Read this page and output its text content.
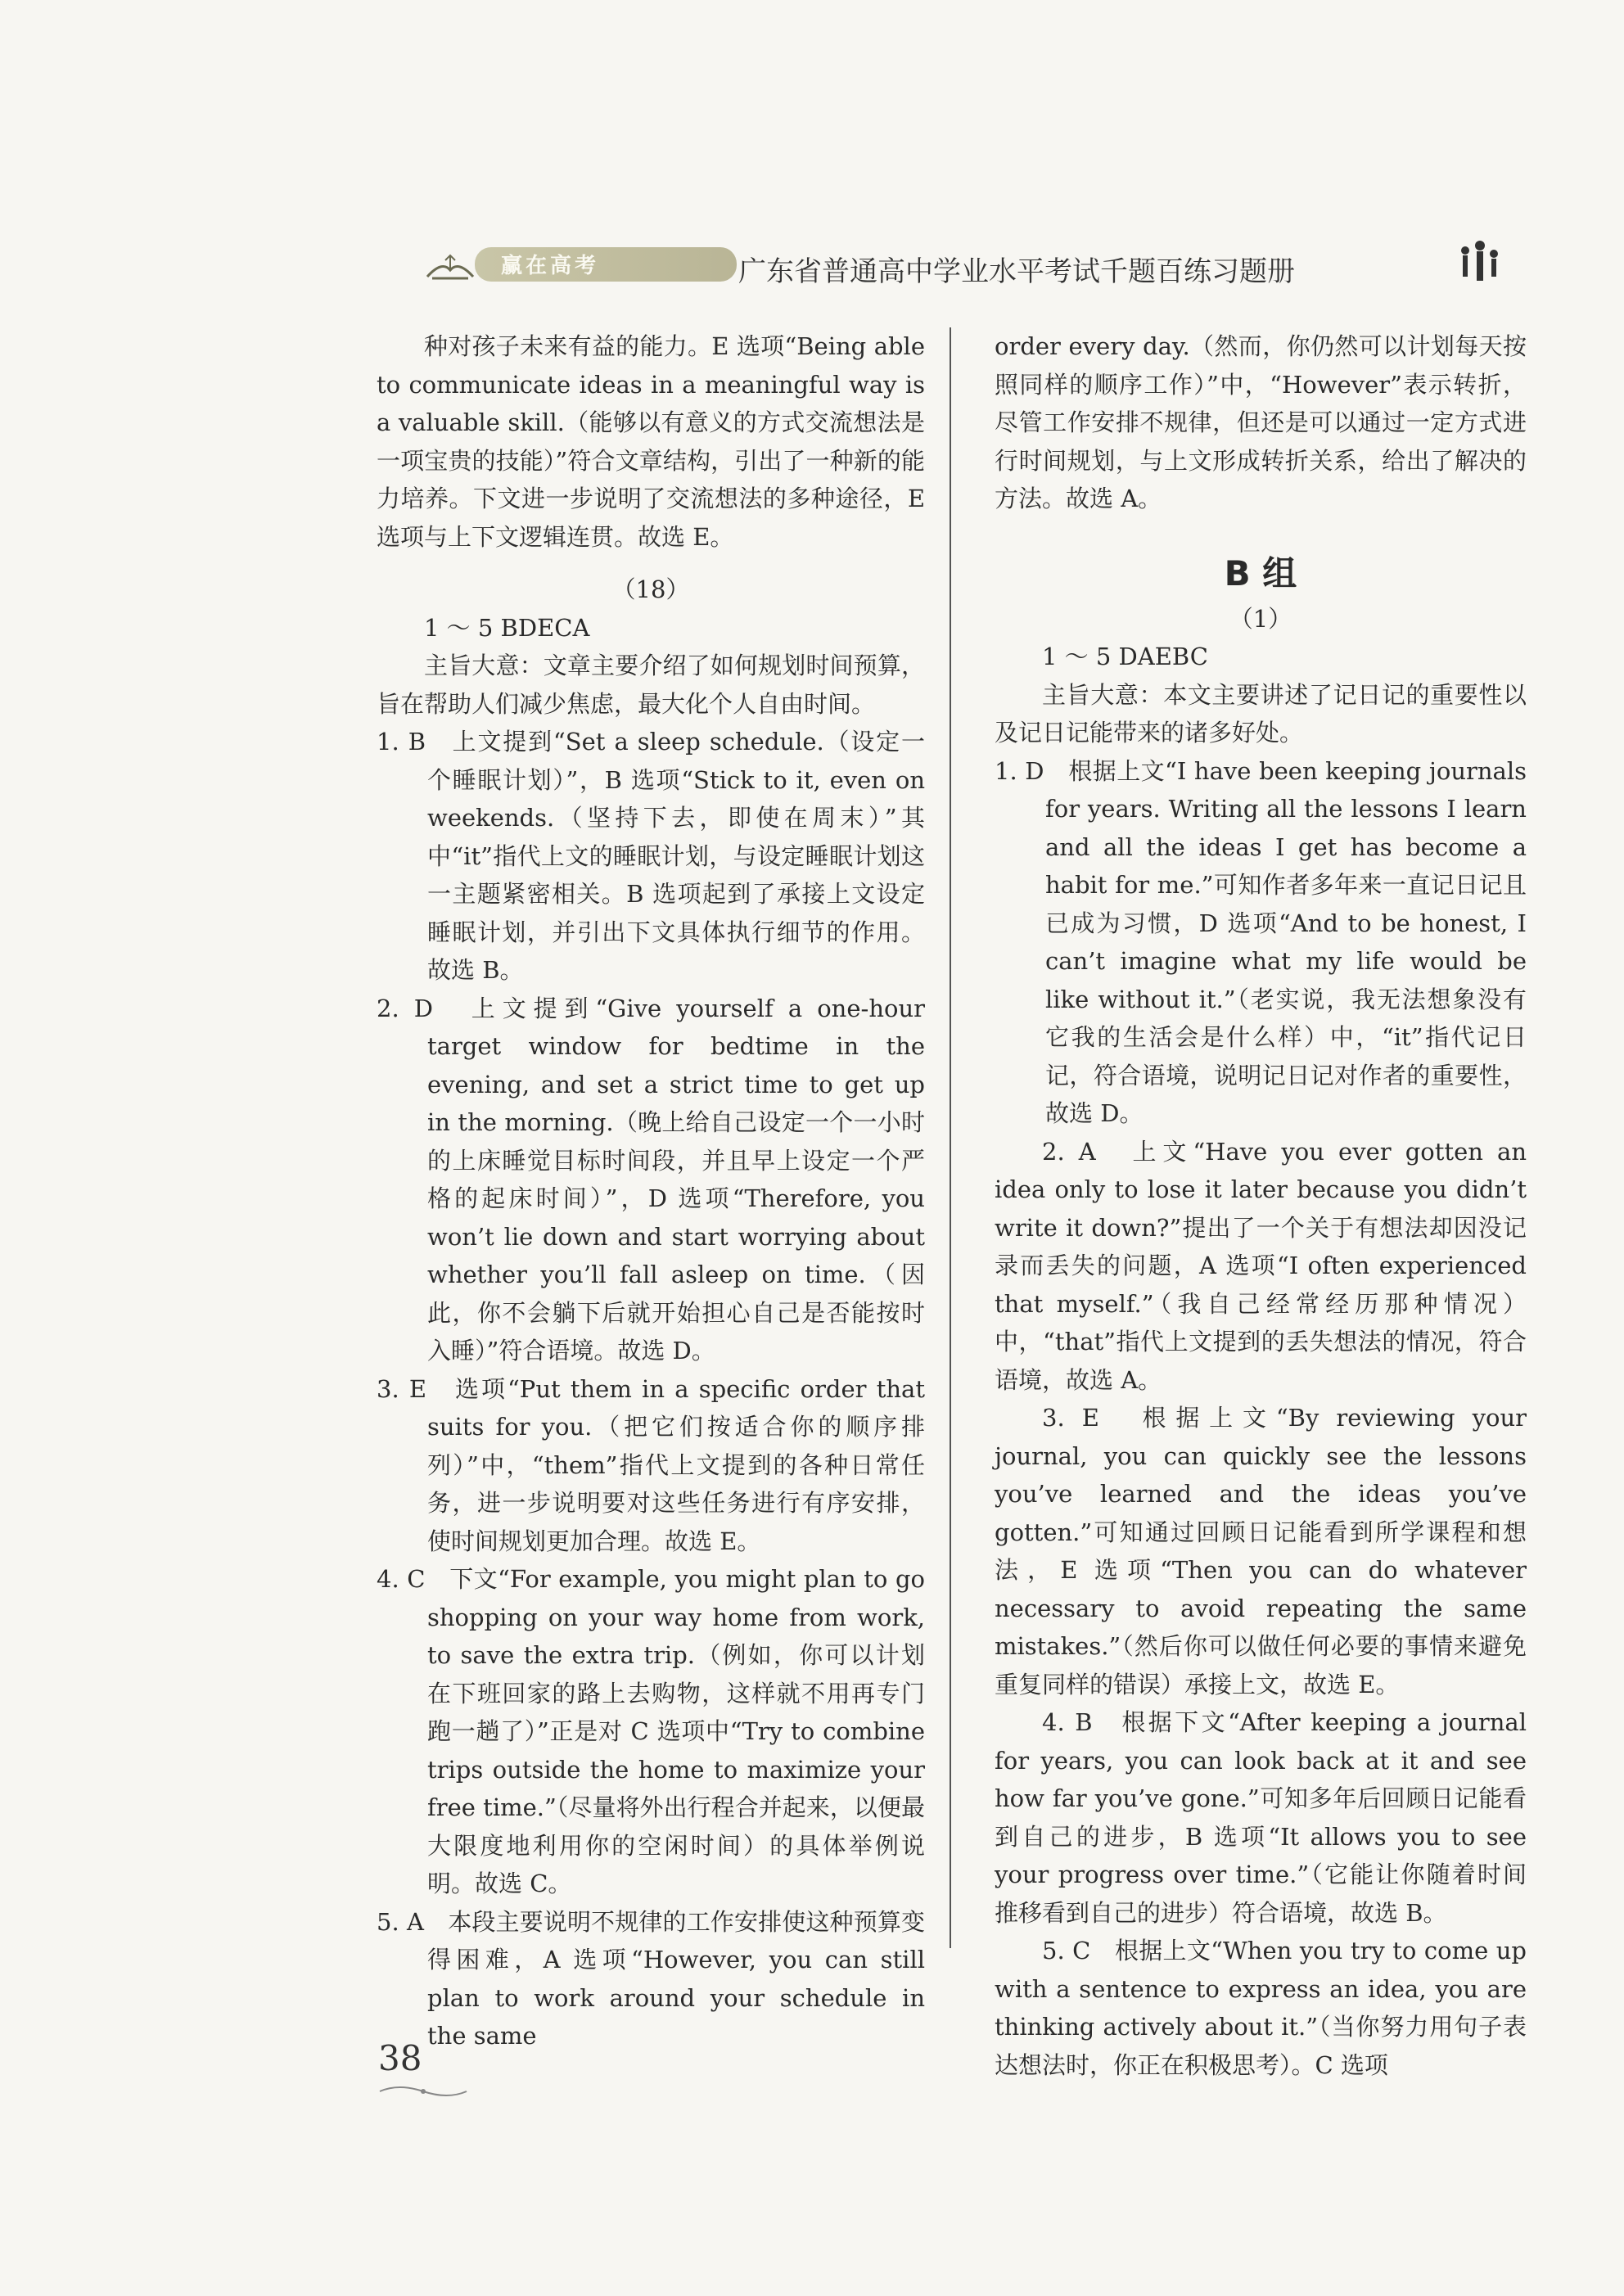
赢在高考	广东省普通高中学业水平考试千题百练习题册

种对孩子未来有益的能力。E 选项“Being able to communicate ideas in a meaningful way is a valuable skill.（能够以有意义的方式交流想法是一项宝贵的技能）”符合文章结构，引出了一种新的能力培养。下文进一步说明了交流想法的多种途径，E 选项与上下文逻辑连贯。故选 E。

（18）

1 ～ 5 BDECA

主旨大意：文章主要介绍了如何规划时间预算，旨在帮助人们减少焦虑，最大化个人自由时间。

1. B　上文提到“Set a sleep schedule.（设定一个睡眠计划）”，B 选项“Stick to it, even on weekends.（坚持下去，即使在周末）”其中“it”指代上文的睡眠计划，与设定睡眠计划这一主题紧密相关。B 选项起到了承接上文设定睡眠计划，并引出下文具体执行细节的作用。故选 B。

2. D　上文提到“Give yourself a one-hour target window for bedtime in the evening, and set a strict time to get up in the morning.（晚上给自己设定一个一小时的上床睡觉目标时间段，并且早上设定一个严格的起床时间）”，D 选项“Therefore, you won’t lie down and start worrying about whether you’ll fall asleep on time.（因此，你不会躺下后就开始担心自己是否能按时入睡）”符合语境。故选 D。

3. E　选项“Put them in a specific order that suits for you.（把它们按适合你的顺序排列）”中，“them”指代上文提到的各种日常任务，进一步说明要对这些任务进行有序安排，使时间规划更加合理。故选 E。

4. C　下文“For example, you might plan to go shopping on your way home from work, to save the extra trip.（例如，你可以计划在下班回家的路上去购物，这样就不用再专门跑一趟了）”正是对 C 选项中“Try to combine trips outside the home to maximize your free time.”（尽量将外出行程合并起来，以便最大限度地利用你的空闲时间）的具体举例说明。故选 C。

5. A　本段主要说明不规律的工作安排使这种预算变得困难，A 选项“However, you can still plan to work around your schedule in the same

order every day.（然而，你仍然可以计划每天按照同样的顺序工作）”中，“However”表示转折，尽管工作安排不规律，但还是可以通过一定方式进行时间规划，与上文形成转折关系，给出了解决的方法。故选 A。

B 组

（1）

1 ～ 5 DAEBC

主旨大意：本文主要讲述了记日记的重要性以及记日记能带来的诸多好处。

1. D　根据上文“I have been keeping journals for years. Writing all the lessons I learn and all the ideas I get has become a habit for me.”可知作者多年来一直记日记且已成为习惯，D 选项“And to be honest, I can’t imagine what my life would be like without it.”（老实说，我无法想象没有它我的生活会是什么样）中，“it”指代记日记，符合语境，说明记日记对作者的重要性，故选 D。

2. A　上文“Have you ever gotten an idea only to lose it later because you didn’t write it down?”提出了一个关于有想法却因没记录而丢失的问题，A 选项“I often experienced that myself.”（我自己经常经历那种情况）中，“that”指代上文提到的丢失想法的情况，符合语境，故选 A。

3. E　根据上文“By reviewing your journal, you can quickly see the lessons you’ve learned and the ideas you’ve gotten.”可知通过回顾日记能看到所学课程和想法，E 选项“Then you can do whatever necessary to avoid repeating the same mistakes.”（然后你可以做任何必要的事情来避免重复同样的错误）承接上文，故选 E。

4. B　根据下文“After keeping a journal for years, you can look back at it and see how far you’ve gone.”可知多年后回顾日记能看到自己的进步，B 选项“It allows you to see your progress over time.”（它能让你随着时间推移看到自己的进步）符合语境，故选 B。

5. C　根据上文“When you try to come up with a sentence to express an idea, you are thinking actively about it.”（当你努力用句子表达想法时，你正在积极思考）。C 选项

38
